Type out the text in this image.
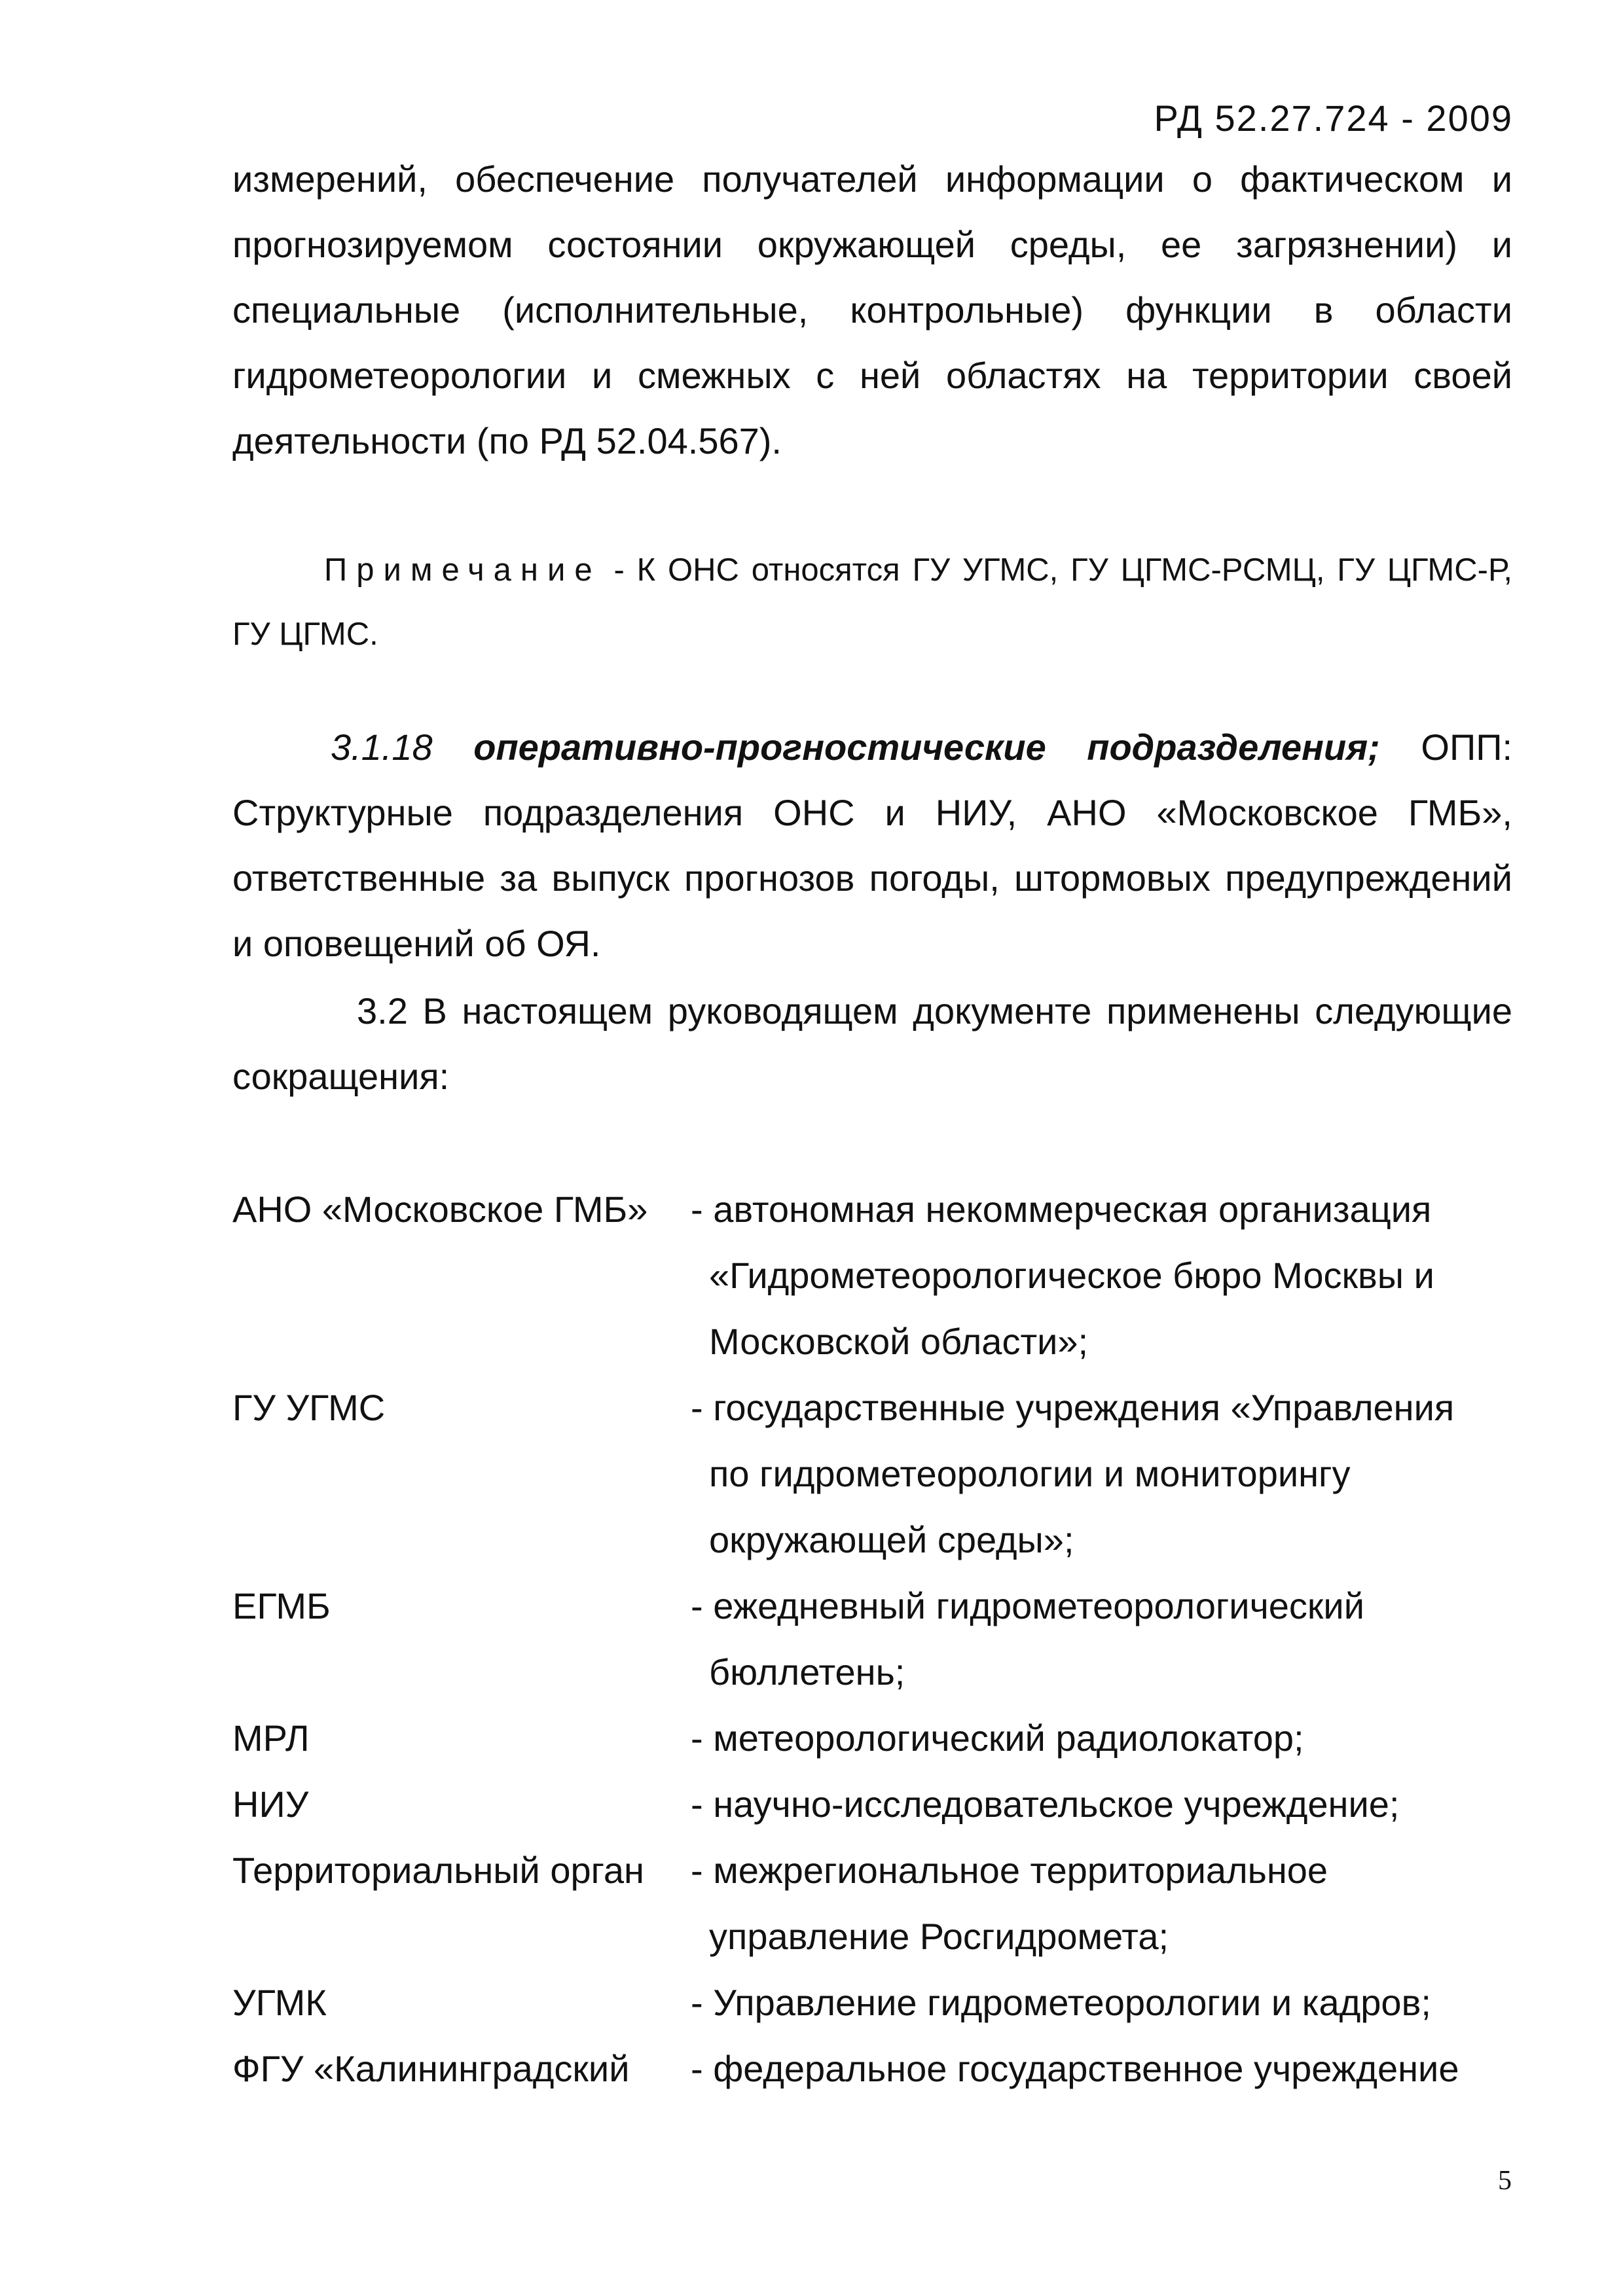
РД 52.27.724 - 2009
измерений, обеспечение получателей информации о фактическом и прогнозируемом состоянии окружающей среды, ее загрязнении) и специальные (исполнительные, контрольные) функции в области гидрометеорологии и смежных с ней областях на территории своей деятельности (по РД 52.04.567).
Примечание - К ОНС относятся ГУ УГМС, ГУ ЦГМС-РСМЦ, ГУ ЦГМС-Р, ГУ ЦГМС.
3.1.18 оперативно-прогностические подразделения; ОПП: Структурные подразделения ОНС и НИУ, АНО «Московское ГМБ», ответственные за выпуск прогнозов погоды, штормовых предупреждений и оповещений об ОЯ.
3.2 В настоящем руководящем документе применены следующие сокращения:
АНО «Московское ГМБ»	- автономная некоммерческая организация
«Гидрометеорологическое бюро Москвы и
Московской области»;
ГУ УГМС	- государственные учреждения «Управления
по гидрометеорологии и мониторингу
окружающей среды»;
ЕГМБ	- ежедневный гидрометеорологический
бюллетень;
МРЛ	- метеорологический радиолокатор;
НИУ	- научно-исследовательское учреждение;
Территориальный орган	- межрегиональное территориальное
управление Росгидромета;
УГМК	- Управление гидрометеорологии и кадров;
ФГУ «Калининградский	- федеральное государственное учреждение
5
